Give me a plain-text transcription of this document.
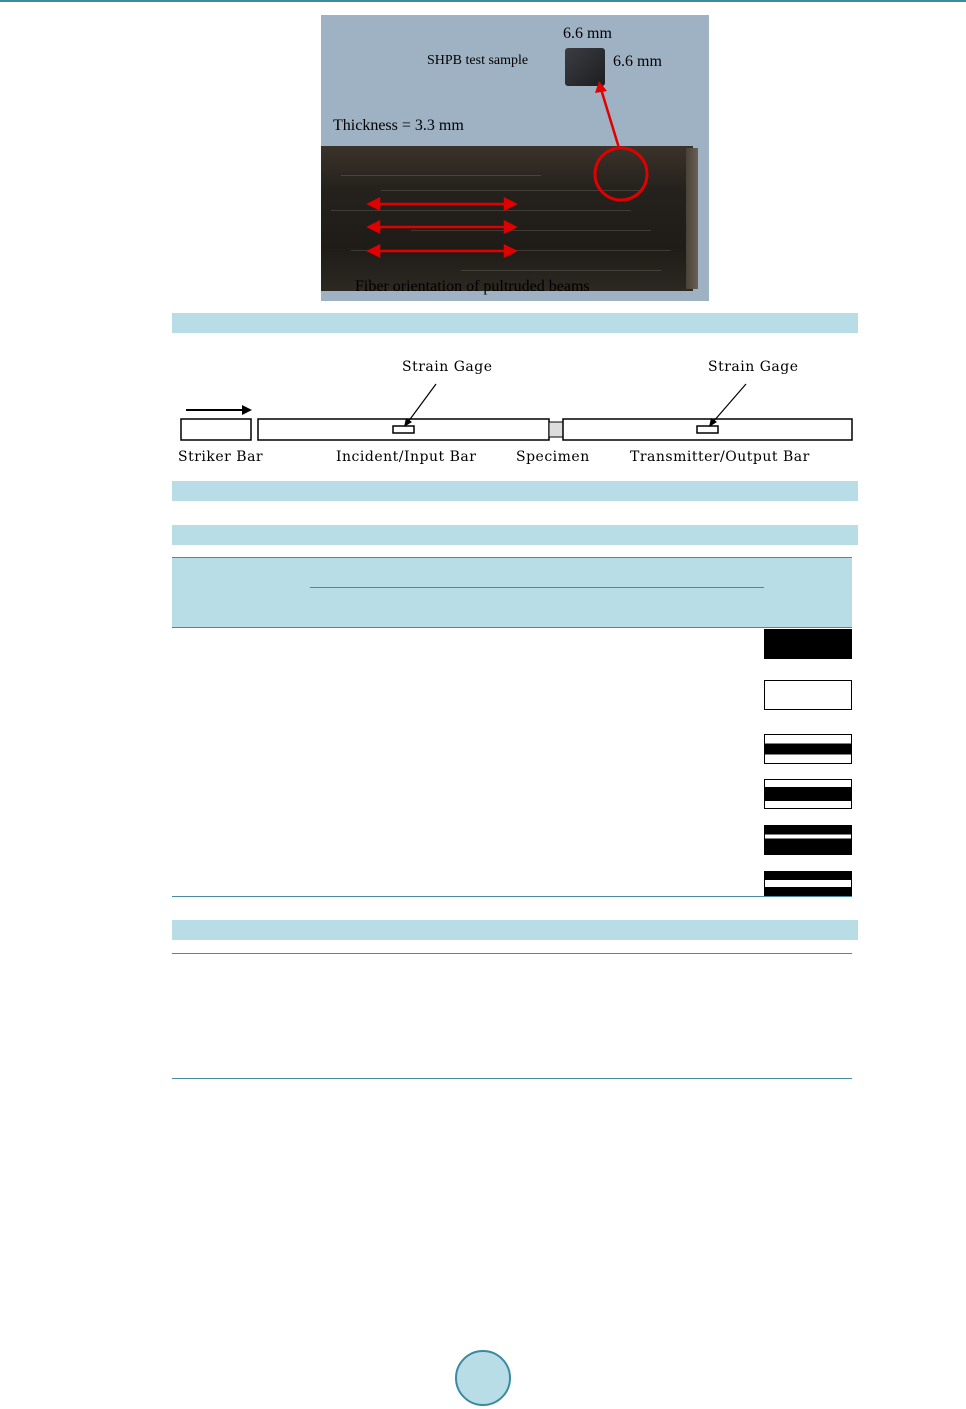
SHPB test sample
6.6 mm
6.6 mm
Thickness = 3.3 mm
Fiber orientation of pultruded beams
Strain Gage	Strain Gage
Striker Bar	Incident/Input Bar	Specimen	Transmitter/Output Bar
